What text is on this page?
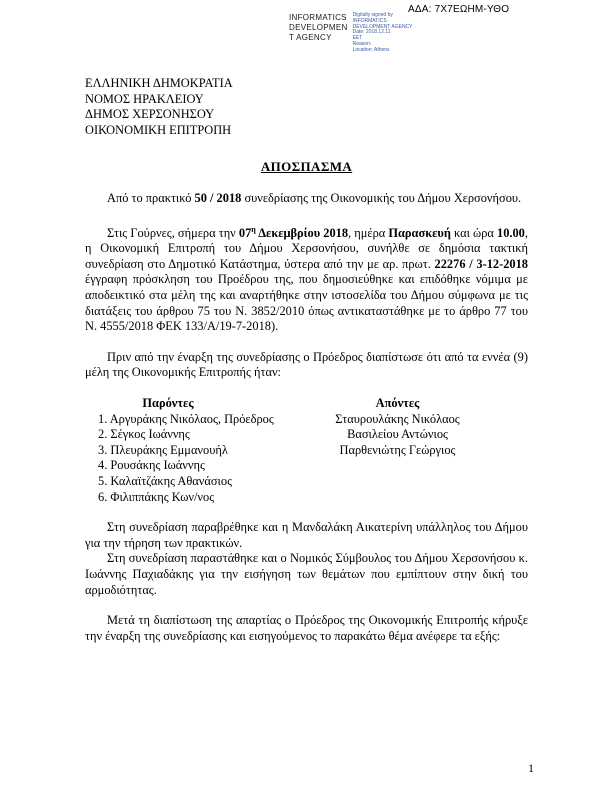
ΑΔΑ: 7Χ7ΕΩΗΜ-ΥΘΟ
INFORMATICS
DEVELOPMEN
T AGENCY
Digitally signed by
INFORMATICS
DEVELOPMENT AGENCY
Date: 2018.12.11
EET
Reason:
Location: Athens
ΕΛΛΗΝΙΚΗ ΔΗΜΟΚΡΑΤΙΑ
ΝΟΜΟΣ ΗΡΑΚΛΕΙΟΥ
ΔΗΜΟΣ ΧΕΡΣΟΝΗΣΟΥ
ΟΙΚΟΝΟΜΙΚΗ ΕΠΙΤΡΟΠΗ
ΑΠΟΣΠΑΣΜΑ

Από το πρακτικό 50 / 2018 συνεδρίασης της Οικονομικής του Δήμου Χερσονήσου.

Στις Γούρνες, σήμερα την $07^\eta$ Δεκεμβρίου 2018, ημέρα Παρασκευή και ώρα 10.00, η Οικονομική Επιτροπή του Δήμου Χερσονήσου, συνήλθε σε δημόσια τακτική συνεδρίαση στο Δημοτικό Κατάστημα, ύστερα από την με αρ. πρωτ. 22276 / 3-12-2018 έγγραφη πρόσκληση του Προέδρου της, που δημοσιεύθηκε και επιδόθηκε νόμιμα με αποδεικτικό στα μέλη της και αναρτήθηκε στην ιστοσελίδα του Δήμου σύμφωνα με τις διατάξεις του άρθρου 75 του Ν. 3852/2010 όπως αντικαταστάθηκε με το άρθρο 77 του Ν. 4555/2018 ΦΕΚ 133/Α/19-7-2018).

Πριν από την έναρξη της συνεδρίασης ο Πρόεδρος διαπίστωσε ότι από τα εννέα (9) μέλη της Οικονομικής Επιτροπής ήταν:

Παρόντες
1. Αργυράκης Νικόλαος, Πρόεδρος
2. Σέγκος Ιωάννης
3. Πλευράκης Εμμανουήλ
4. Ρουσάκης Ιωάννης
5. Καλαϊτζάκης Αθανάσιος
6. Φιλιππάκης Κων/νος
Απόντες
Σταυρουλάκης Νικόλαος
Βασιλείου Αντώνιος
Παρθενιώτης Γεώργιος

Στη συνεδρίαση παραβρέθηκε και η Μανδαλάκη Αικατερίνη υπάλληλος του Δήμου για την τήρηση των πρακτικών.

Στη συνεδρίαση παραστάθηκε και ο Νομικός Σύμβουλος του Δήμου Χερσονήσου κ. Ιωάννης Παχιαδάκης για την εισήγηση των θεμάτων που εμπίπτουν στην δική του αρμοδιότητας.

Μετά τη διαπίστωση της απαρτίας ο Πρόεδρος της Οικονομικής Επιτροπής κήρυξε την έναρξη της συνεδρίασης και εισηγούμενος το παρακάτω θέμα ανέφερε τα εξής:

1
